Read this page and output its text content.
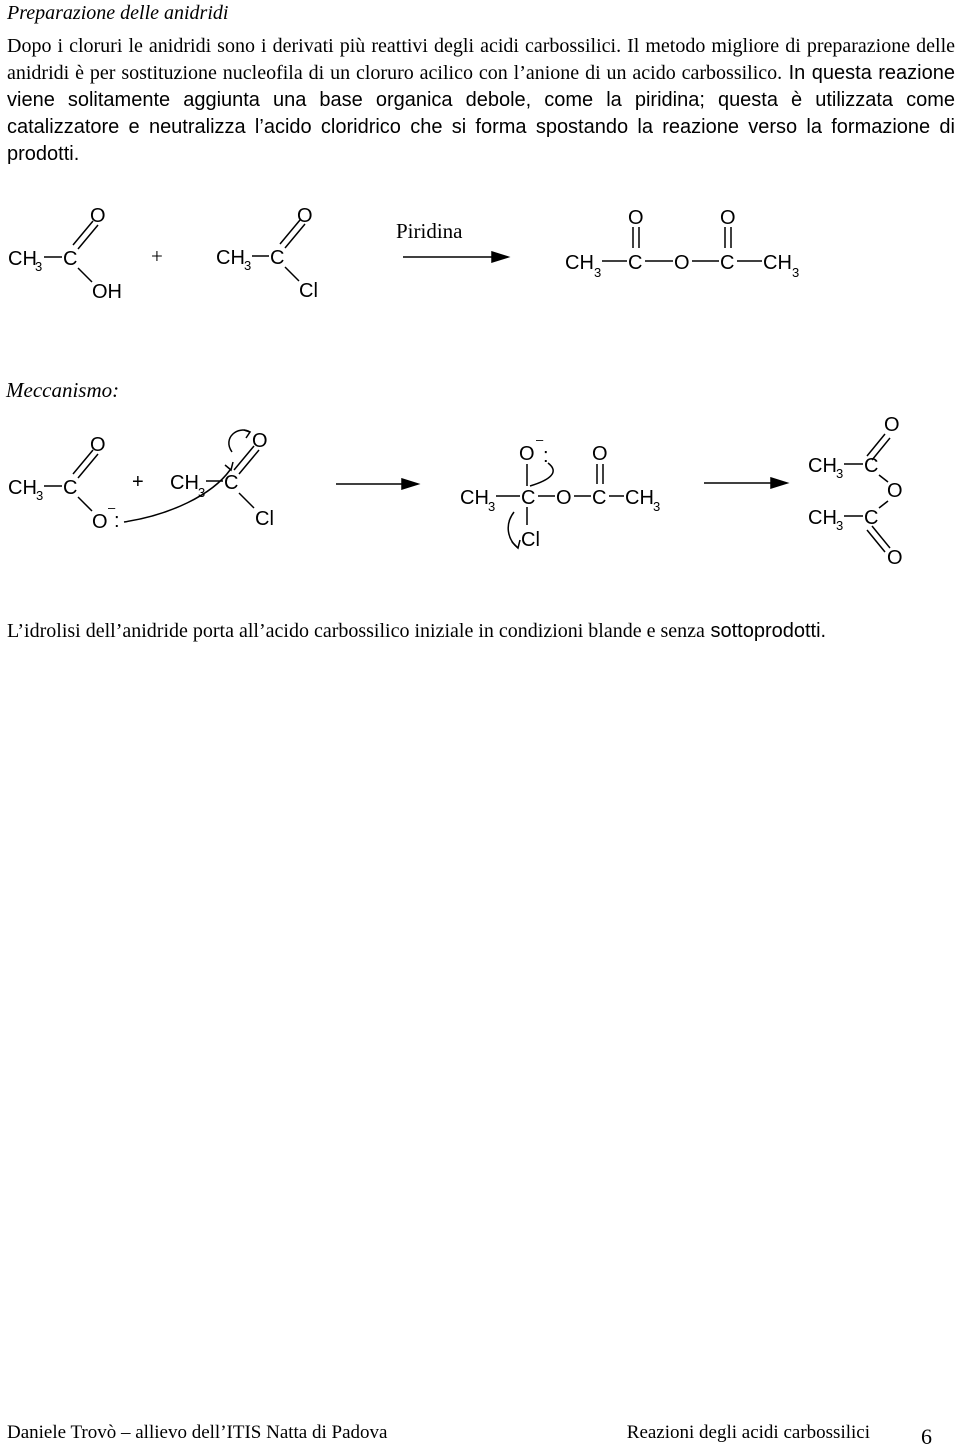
Preparazione delle anidridi

Dopo i cloruri le anidridi sono i derivati più reattivi degli acidi carbossilici. Il metodo migliore di preparazione delle anidridi è per sostituzione nucleofila di un cloruro acilico con l’anione di un acido carbossilico. In questa reazione viene solitamente aggiunta una base organica debole, come la piridina; questa è utilizzata come catalizzatore e neutralizza l’acido cloridrico che si forma spostando la reazione verso la formazione di prodotti.

Meccanismo:
CH
3 C
O
OH
+	CH 3 C
O
Cl
Piridina
CH 3 C
O
O C
O
CH 3
CH 3 C
O
O
–
:
+ CH 3 C
O
Cl
O
–
:
CH 3 C O C
O
CH 3
Cl
O
CH 3 C
O
CH 3 C
O

L’idrolisi dell’anidride porta all’acido carbossilico iniziale in condizioni blande e senza sottoprodotti.

Daniele Trovò – allievo dell’ITIS Natta di Padova	Reazioni degli acidi carbossilici 6
